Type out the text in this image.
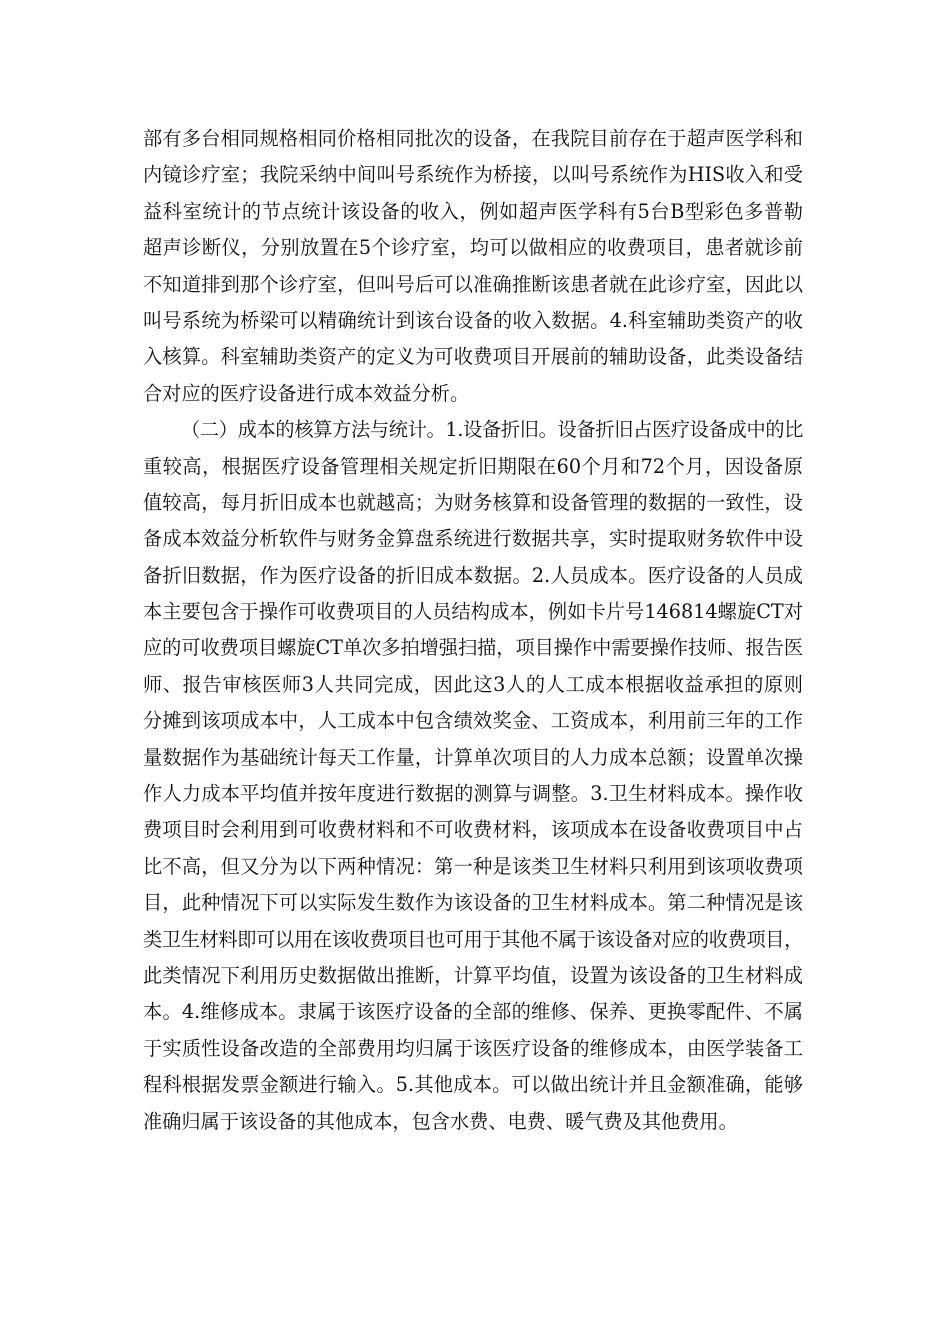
部有多台相同规格相同价格相同批次的设备，在我院目前存在于超声医学科和
内镜诊疗室；我院采纳中间叫号系统作为桥接，以叫号系统作为HIS收入和受
益科室统计的节点统计该设备的收入，例如超声医学科有5台B型彩色多普勒
超声诊断仪，分别放置在5个诊疗室，均可以做相应的收费项目，患者就诊前
不知道排到那个诊疗室，但叫号后可以准确推断该患者就在此诊疗室，因此以
叫号系统为桥梁可以精确统计到该台设备的收入数据。4.科室辅助类资产的收
入核算。科室辅助类资产的定义为可收费项目开展前的辅助设备，此类设备结
合对应的医疗设备进行成本效益分析。
（二）成本的核算方法与统计。1.设备折旧。设备折旧占医疗设备成中的比
重较高，根据医疗设备管理相关规定折旧期限在60个月和72个月，因设备原
值较高，每月折旧成本也就越高；为财务核算和设备管理的数据的一致性，设
备成本效益分析软件与财务金算盘系统进行数据共享，实时提取财务软件中设
备折旧数据，作为医疗设备的折旧成本数据。2.人员成本。医疗设备的人员成
本主要包含于操作可收费项目的人员结构成本，例如卡片号146814螺旋CT对
应的可收费项目螺旋CT单次多拍增强扫描，项目操作中需要操作技师、报告医
师、报告审核医师3人共同完成，因此这3人的人工成本根据收益承担的原则
分摊到该项成本中，人工成本中包含绩效奖金、工资成本，利用前三年的工作
量数据作为基础统计每天工作量，计算单次项目的人力成本总额；设置单次操
作人力成本平均值并按年度进行数据的测算与调整。3.卫生材料成本。操作收
费项目时会利用到可收费材料和不可收费材料，该项成本在设备收费项目中占
比不高，但又分为以下两种情况：第一种是该类卫生材料只利用到该项收费项
目，此种情况下可以实际发生数作为该设备的卫生材料成本。第二种情况是该
类卫生材料即可以用在该收费项目也可用于其他不属于该设备对应的收费项目，
此类情况下利用历史数据做出推断，计算平均值，设置为该设备的卫生材料成
本。4.维修成本。隶属于该医疗设备的全部的维修、保养、更换零配件、不属
于实质性设备改造的全部费用均归属于该医疗设备的维修成本，由医学装备工
程科根据发票金额进行输入。5.其他成本。可以做出统计并且金额准确，能够
准确归属于该设备的其他成本，包含水费、电费、暖气费及其他费用。
